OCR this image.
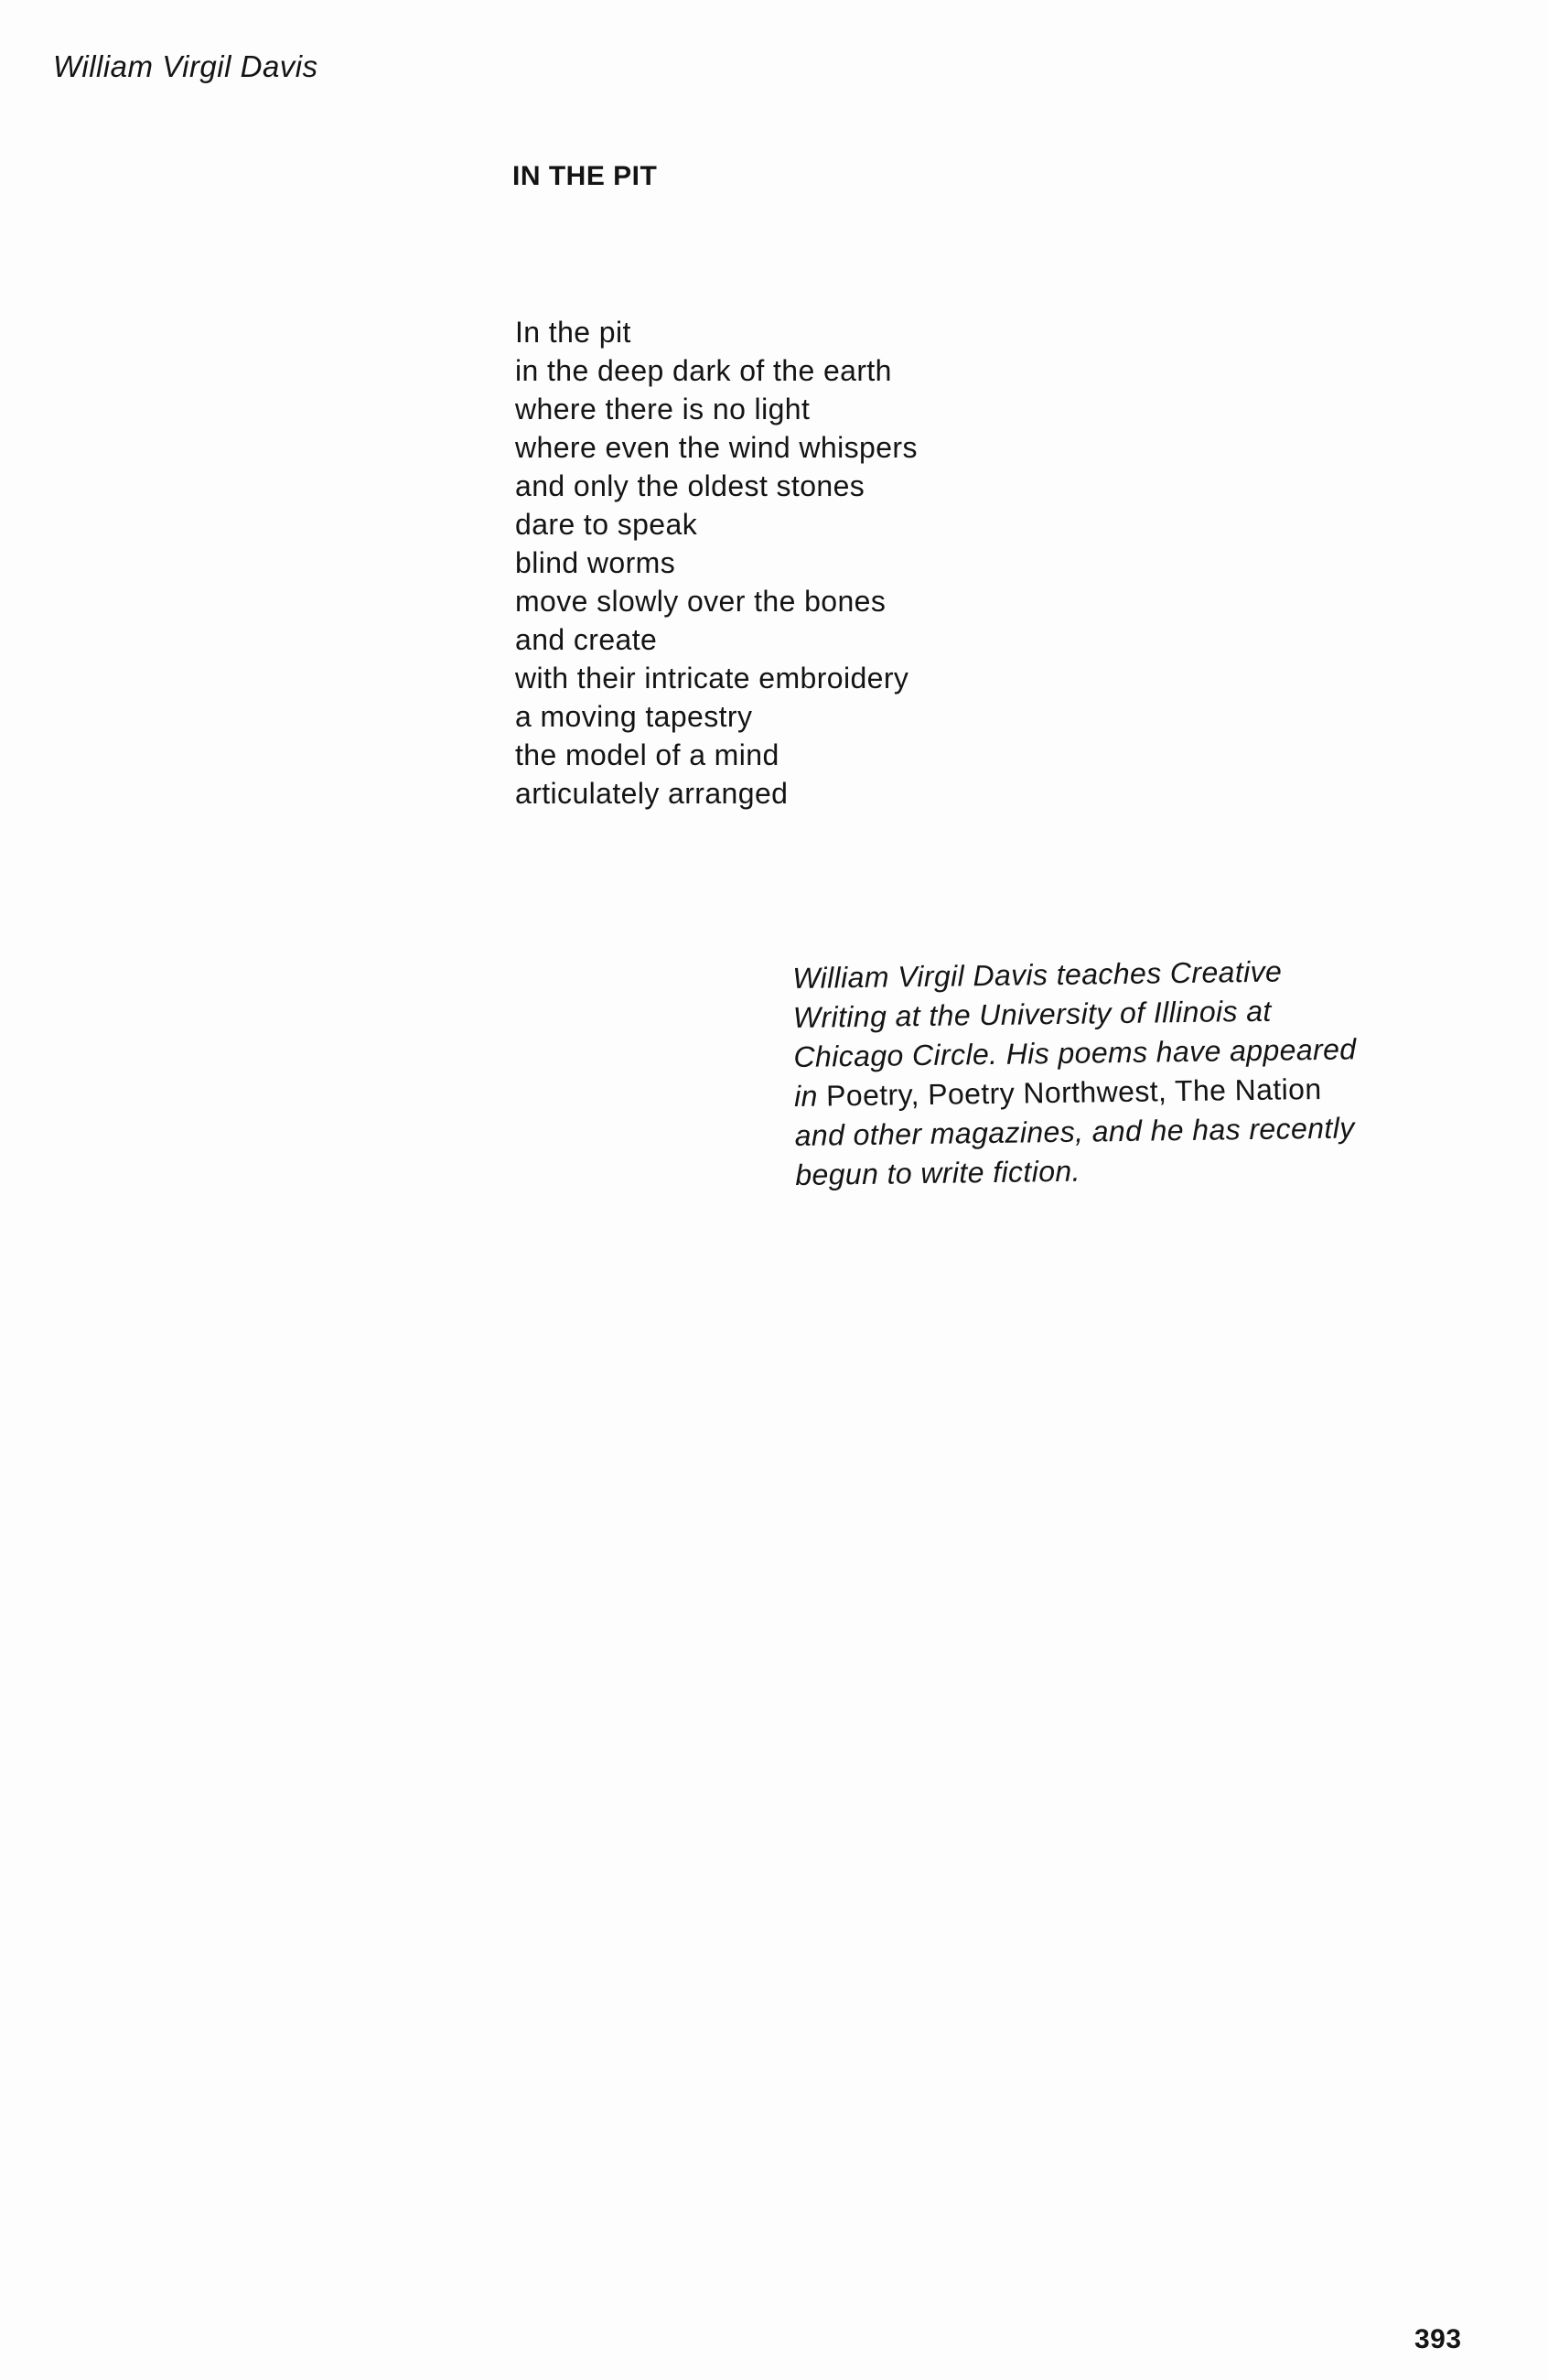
William Virgil Davis
IN THE PIT
In the pit
in the deep dark of the earth
where there is no light
where even the wind whispers
and only the oldest stones
dare to speak
blind worms
move slowly over the bones
and create
with their intricate embroidery
a moving tapestry
the model of a mind
articulately arranged
William Virgil Davis teaches Creative
Writing at the University of Illinois at
Chicago Circle. His poems have appeared
in Poetry, Poetry Northwest, The Nation
and other magazines, and he has recently
begun to write fiction.
393
